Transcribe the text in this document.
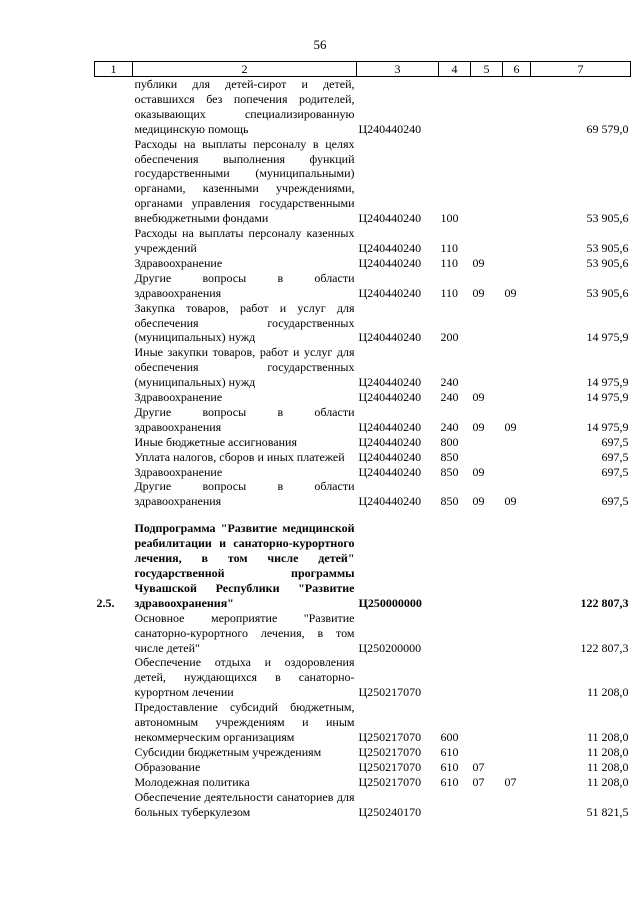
56
1	2	3	4	5	6	7
	публики для детей-сирот и детей, оставшихся без попечения родителей, оказывающих специализированную медицинскую помощь	Ц240440240				69 579,0
	Расходы на выплаты персоналу в целях обеспечения выполнения функций государственными (муниципальными) органами, казенными учреждениями, органами управления государственными внебюджетными фондами	Ц240440240	100			53 905,6
	Расходы на выплаты персоналу казенных учреждений	Ц240440240	110			53 905,6
	Здравоохранение	Ц240440240	110	09		53 905,6
	Другие вопросы в области здравоохранения	Ц240440240	110	09	09	53 905,6
	Закупка товаров, работ и услуг для обеспечения государственных (муниципальных) нужд	Ц240440240	200			14 975,9
	Иные закупки товаров, работ и услуг для обеспечения государственных (муниципальных) нужд	Ц240440240	240			14 975,9
	Здравоохранение	Ц240440240	240	09		14 975,9
	Другие вопросы в области здравоохранения	Ц240440240	240	09	09	14 975,9
	Иные бюджетные ассигнования	Ц240440240	800			697,5
	Уплата налогов, сборов и иных платежей	Ц240440240	850			697,5
	Здравоохранение	Ц240440240	850	09		697,5
	Другие вопросы в области здравоохранения	Ц240440240	850	09	09	697,5

2.5.	Подпрограмма "Развитие медицинской реабилитации и санаторно-курортного лечения, в том числе детей" государственной программы Чувашской Республики "Развитие здравоохранения"	Ц250000000				122 807,3
	Основное мероприятие "Развитие санаторно-курортного лечения, в том числе детей"	Ц250200000				122 807,3
	Обеспечение отдыха и оздоровления детей, нуждающихся в санаторно-курортном лечении	Ц250217070				11 208,0
	Предоставление субсидий бюджетным, автономным учреждениям и иным некоммерческим организациям	Ц250217070	600			11 208,0
	Субсидии бюджетным учреждениям	Ц250217070	610			11 208,0
	Образование	Ц250217070	610	07		11 208,0
	Молодежная политика	Ц250217070	610	07	07	11 208,0
	Обеспечение деятельности санаториев для больных туберкулезом	Ц250240170				51 821,5
